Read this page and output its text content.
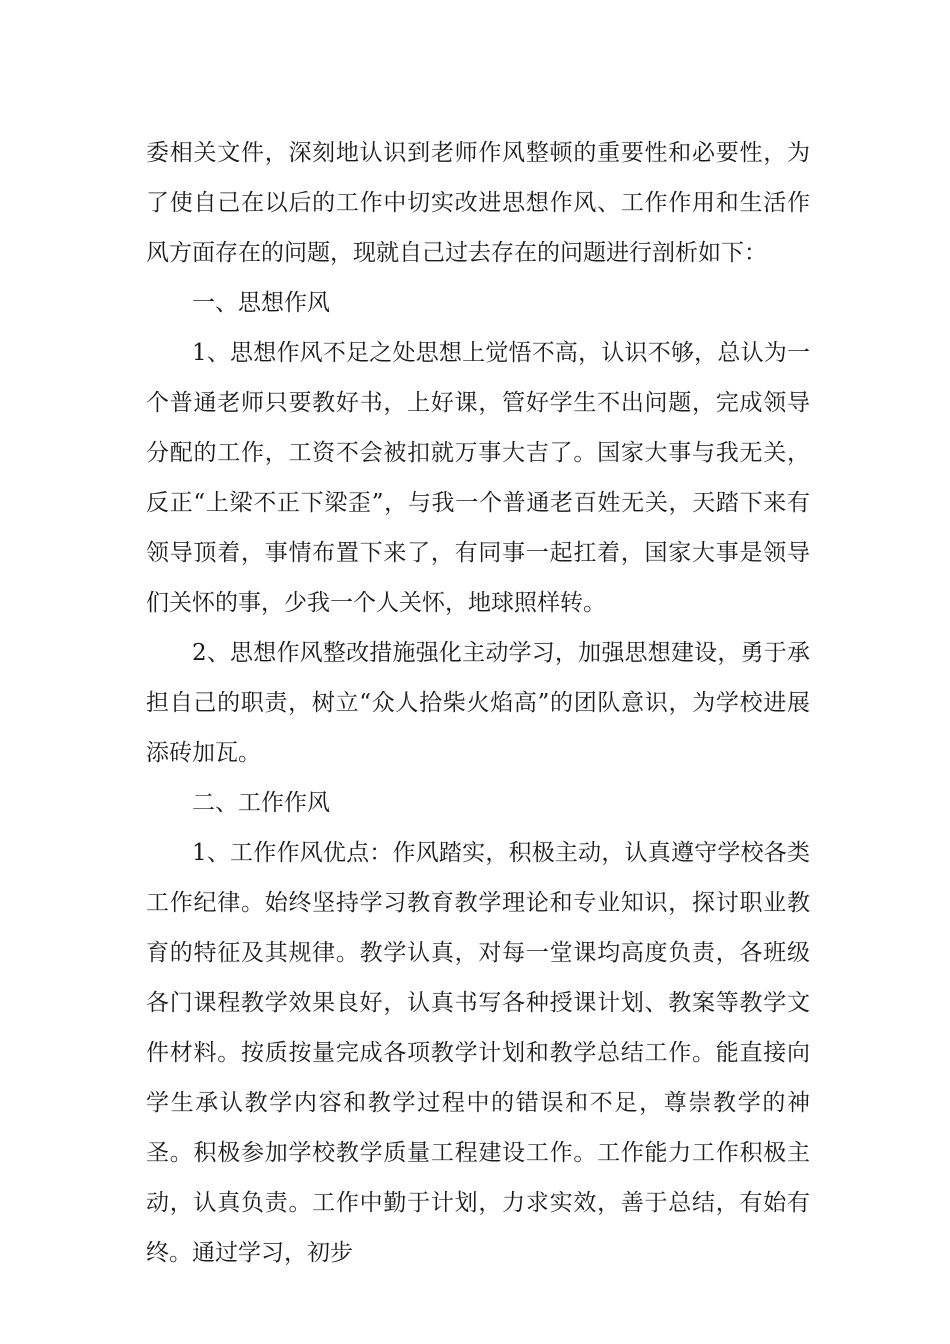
委相关文件，深刻地认识到老师作风整顿的重要性和必要性，为了使自己在以后的工作中切实改进思想作风、工作作用和生活作风方面存在的问题，现就自己过去存在的问题进行剖析如下：

一、思想作风

1、思想作风不足之处思想上觉悟不高，认识不够，总认为一个普通老师只要教好书，上好课，管好学生不出问题，完成领导分配的工作，工资不会被扣就万事大吉了。国家大事与我无关，反正“上梁不正下梁歪”，与我一个普通老百姓无关，天踏下来有领导顶着，事情布置下来了，有同事一起扛着，国家大事是领导们关怀的事，少我一个人关怀，地球照样转。

2、思想作风整改措施强化主动学习，加强思想建设，勇于承担自己的职责，树立“众人拾柴火焰高”的团队意识，为学校进展添砖加瓦。

二、工作作风

1、工作作风优点：作风踏实，积极主动，认真遵守学校各类工作纪律。始终坚持学习教育教学理论和专业知识，探讨职业教育的特征及其规律。教学认真，对每一堂课均高度负责，各班级各门课程教学效果良好，认真书写各种授课计划、教案等教学文件材料。按质按量完成各项教学计划和教学总结工作。能直接向学生承认教学内容和教学过程中的错误和不足，尊崇教学的神圣。积极参加学校教学质量工程建设工作。工作能力工作积极主动，认真负责。工作中勤于计划，力求实效，善于总结，有始有终。通过学习，初步
